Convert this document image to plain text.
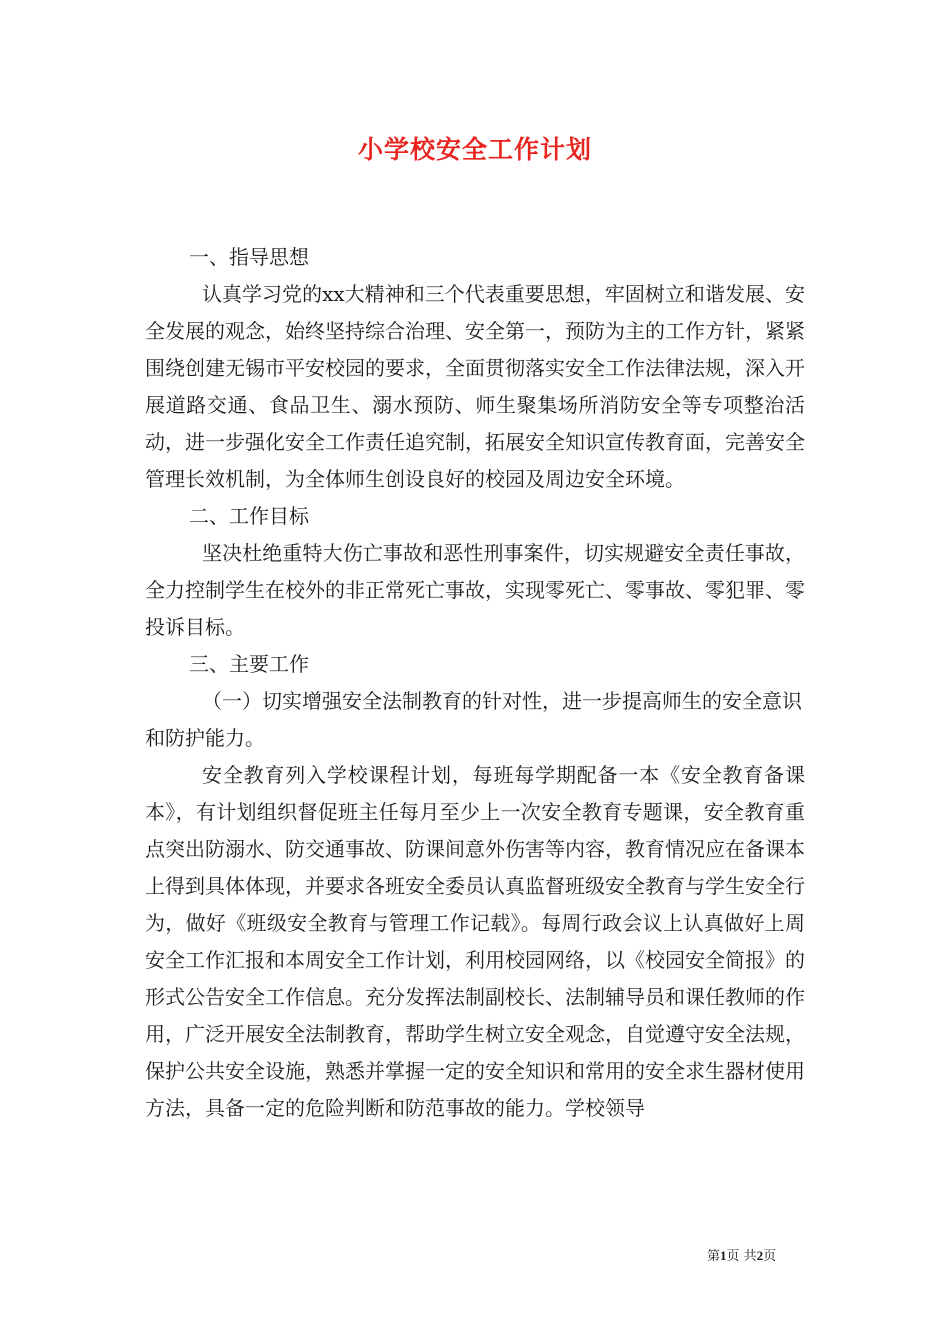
小学校安全工作计划

一、指导思想

认真学习党的xx大精神和三个代表重要思想，牢固树立和谐发展、安全发展的观念，始终坚持综合治理、安全第一，预防为主的工作方针，紧紧围绕创建无锡市平安校园的要求，全面贯彻落实安全工作法律法规，深入开展道路交通、食品卫生、溺水预防、师生聚集场所消防安全等专项整治活动，进一步强化安全工作责任追究制，拓展安全知识宣传教育面，完善安全管理长效机制，为全体师生创设良好的校园及周边安全环境。

二、工作目标

坚决杜绝重特大伤亡事故和恶性刑事案件，切实规避安全责任事故，全力控制学生在校外的非正常死亡事故，实现零死亡、零事故、零犯罪、零投诉目标。

三、主要工作

（一）切实增强安全法制教育的针对性，进一步提高师生的安全意识和防护能力。

安全教育列入学校课程计划，每班每学期配备一本《安全教育备课本》，有计划组织督促班主任每月至少上一次安全教育专题课，安全教育重点突出防溺水、防交通事故、防课间意外伤害等内容，教育情况应在备课本上得到具体体现，并要求各班安全委员认真监督班级安全教育与学生安全行为，做好《班级安全教育与管理工作记载》。每周行政会议上认真做好上周安全工作汇报和本周安全工作计划，利用校园网络，以《校园安全简报》的形式公告安全工作信息。充分发挥法制副校长、法制辅导员和课任教师的作用，广泛开展安全法制教育，帮助学生树立安全观念，自觉遵守安全法规，保护公共安全设施，熟悉并掌握一定的安全知识和常用的安全求生器材使用方法，具备一定的危险判断和防范事故的能力。学校领导

第1页 共2页
